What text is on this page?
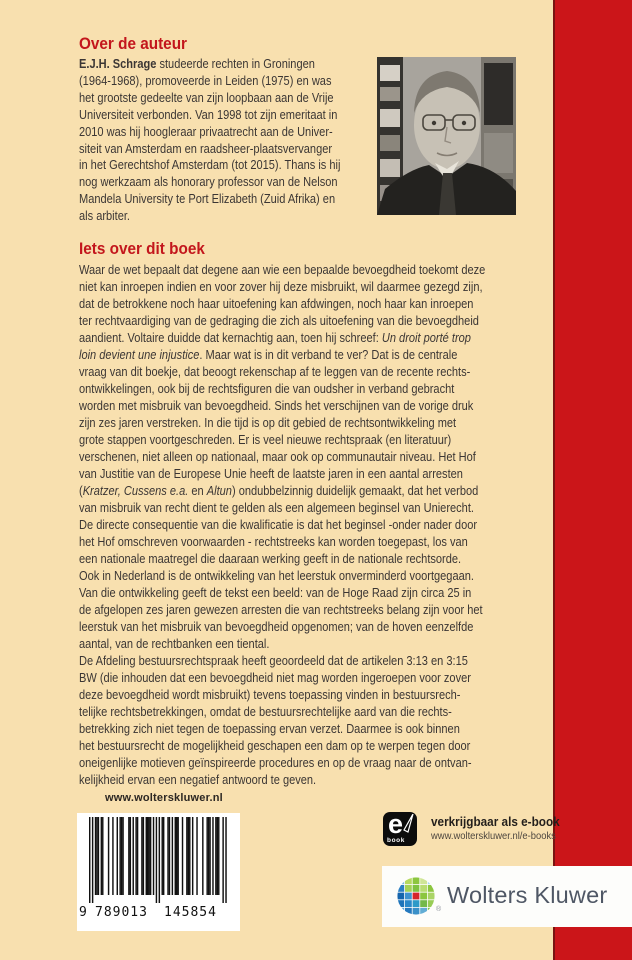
Over de auteur
E.J.H. Schrage studeerde rechten in Groningen
(1964-1968), promoveerde in Leiden (1975) en was
het grootste gedeelte van zijn loopbaan aan de Vrije
Universiteit verbonden. Van 1998 tot zijn emeritaat in
2010 was hij hoogleraar privaatrecht aan de Univer-
siteit van Amsterdam en raadsheer-plaatsvervanger
in het Gerechtshof Amsterdam (tot 2015). Thans is hij
nog werkzaam als honorary professor van de Nelson
Mandela University te Port Elizabeth (Zuid Afrika) en
als arbiter.
Iets over dit boek
Waar de wet bepaalt dat degene aan wie een bepaalde bevoegdheid toekomt deze
niet kan inroepen indien en voor zover hij deze misbruikt, wil daarmee gezegd zijn,
dat de betrokkene noch haar uitoefening kan afdwingen, noch haar kan inroepen
ter rechtvaardiging van de gedraging die zich als uitoefening van die bevoegdheid
aandient. Voltaire duidde dat kernachtig aan, toen hij schreef: Un droit porté trop
loin devient une injustice. Maar wat is in dit verband te ver? Dat is de centrale
vraag van dit boekje, dat beoogt rekenschap af te leggen van de recente rechts-
ontwikkelingen, ook bij de rechtsfiguren die van oudsher in verband gebracht
worden met misbruik van bevoegdheid. Sinds het verschijnen van de vorige druk
zijn zes jaren verstreken. In die tijd is op dit gebied de rechtsontwikkeling met
grote stappen voortgeschreden. Er is veel nieuwe rechtspraak (en literatuur)
verschenen, niet alleen op nationaal, maar ook op communautair niveau. Het Hof
van Justitie van de Europese Unie heeft de laatste jaren in een aantal arresten
(Kratzer, Cussens e.a. en Altun) ondubbelzinnig duidelijk gemaakt, dat het verbod
van misbruik van recht dient te gelden als een algemeen beginsel van Unierecht.
De directe consequentie van die kwalificatie is dat het beginsel -onder nader door
het Hof omschreven voorwaarden - rechtstreeks kan worden toegepast, los van
een nationale maatregel die daaraan werking geeft in de nationale rechtsorde.
Ook in Nederland is de ontwikkeling van het leerstuk onverminderd voortgegaan.
Van die ontwikkeling geeft de tekst een beeld: van de Hoge Raad zijn circa 25 in
de afgelopen zes jaren gewezen arresten die van rechtstreeks belang zijn voor het
leerstuk van het misbruik van bevoegdheid opgenomen; van de hoven eenzelfde
aantal, van de rechtbanken een tiental.
De Afdeling bestuursrechtspraak heeft geoordeeld dat de artikelen 3:13 en 3:15
BW (die inhouden dat een bevoegdheid niet mag worden ingeroepen voor zover
deze bevoegdheid wordt misbruikt) tevens toepassing vinden in bestuursrech-
telijke rechtsbetrekkingen, omdat de bestuursrechtelijke aard van die rechts-
betrekking zich niet tegen de toepassing ervan verzet. Daarmee is ook binnen
het bestuursrecht de mogelijkheid geschapen een dam op te werpen tegen door
oneigenlijke motieven geïnspireerde procedures en op de vraag naar de ontvan-
kelijkheid ervan een negatief antwoord te geven.
www.wolterskluwer.nl
9 789013 145854
e
book
verkrijgbaar als e-book
www.wolterskluwer.nl/e-books
®
Wolters Kluwer
